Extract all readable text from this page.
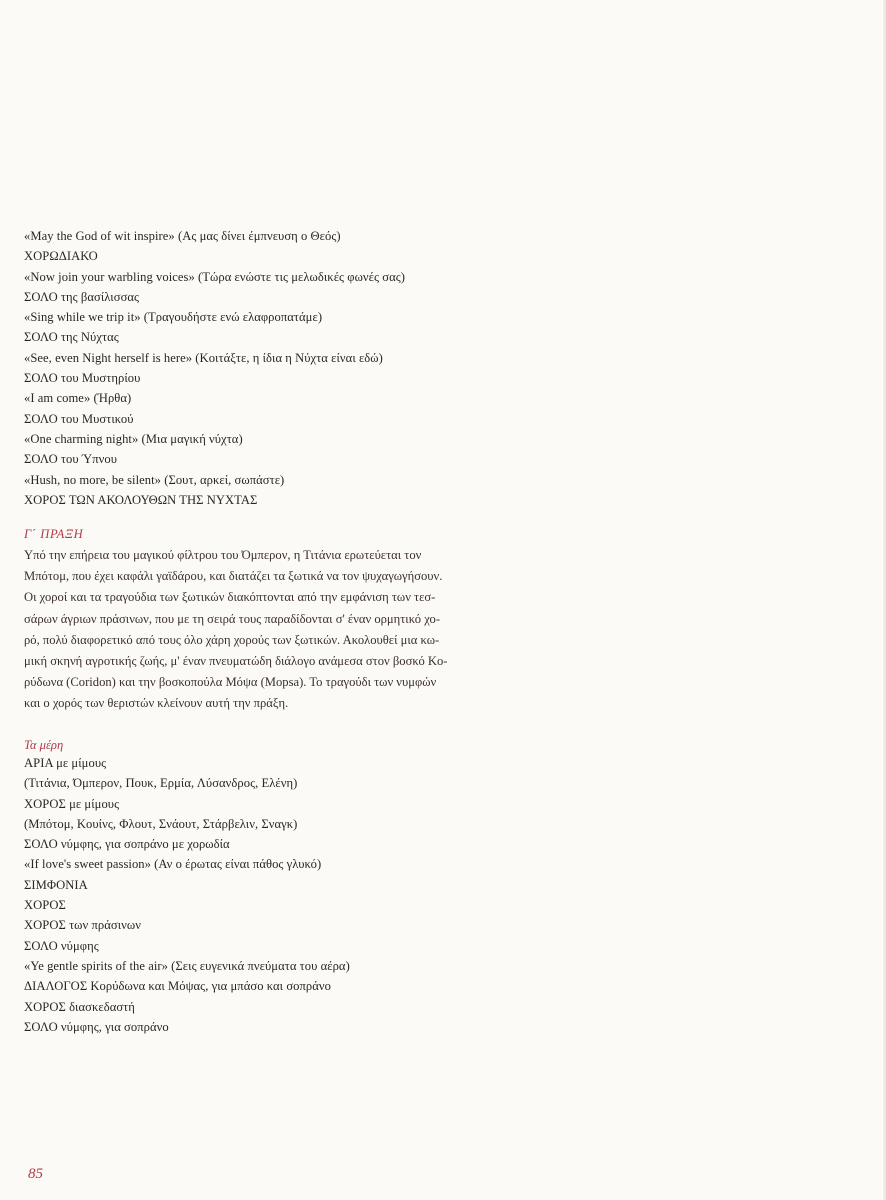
«May the God of wit inspire» (Ας μας δίνει έμπνευση ο Θεός)
ΧΟΡΩΔΙΑΚΟ
«Now join your warbling voices» (Τώρα ενώστε τις μελωδικές φωνές σας)
ΣΟΛΟ της βασίλισσας
«Sing while we trip it» (Τραγουδήστε ενώ ελαφροπατάμε)
ΣΟΛΟ της Νύχτας
«See, even Night herself is here» (Κοιτάξτε, η ίδια η Νύχτα είναι εδώ)
ΣΟΛΟ του Μυστηρίου
«I am come» (Ήρθα)
ΣΟΛΟ του Μυστικού
«One charming night» (Μια μαγική νύχτα)
ΣΟΛΟ του Ύπνου
«Hush, no more, be silent» (Σουτ, αρκεί, σωπάστε)
ΧΟΡΟΣ ΤΩΝ ΑΚΟΛΟΥΘΩΝ ΤΗΣ ΝΥΧΤΑΣ
Γ΄ ΠΡΑΞΗ
Υπό την επήρεια του μαγικού φίλτρου του Όμπερον, η Τιτάνια ερωτεύεται τον
Μπότομ, που έχει καφάλι γαϊδάρου, και διατάζει τα ξωτικά να τον ψυχαγωγήσουν.
Οι χοροί και τα τραγούδια των ξωτικών διακόπτονται από την εμφάνιση των τεσ-
σάρων άγριων πράσινων, που με τη σειρά τους παραδίδονται σ' έναν ορμητικό χο-
ρό, πολύ διαφορετικό από τους όλο χάρη χορούς των ξωτικών. Ακολουθεί μια κω-
μική σκηνή αγροτικής ζωής, μ' έναν πνευματώδη διάλογο ανάμεσα στον βοσκό Κο-
ρύδωνα (Coridon) και την βοσκοπούλα Μόψα (Mopsa). Το τραγούδι των νυμφών
και ο χορός των θεριστών κλείνουν αυτή την πράξη.
Τα μέρη
ΑΡΙΑ με μίμους
(Τιτάνια, Όμπερον, Πουκ, Ερμία, Λύσανδρος, Ελένη)
ΧΟΡΟΣ με μίμους
(Μπότομ, Κουίνς, Φλουτ, Σνάουτ, Στάρβελιν, Σναγκ)
ΣΟΛΟ νύμφης, για σοπράνο με χορωδία
«If love's sweet passion» (Αν ο έρωτας είναι πάθος γλυκό)
ΣΙΜΦΟΝΙΑ
ΧΟΡΟΣ
ΧΟΡΟΣ των πράσινων
ΣΟΛΟ νύμφης
«Ye gentle spirits of the air» (Σεις ευγενικά πνεύματα του αέρα)
ΔΙΑΛΟΓΟΣ Κορύδωνα και Μόψας, για μπάσο και σοπράνο
ΧΟΡΟΣ διασκεδαστή
ΣΟΛΟ νύμφης, για σοπράνο
85
